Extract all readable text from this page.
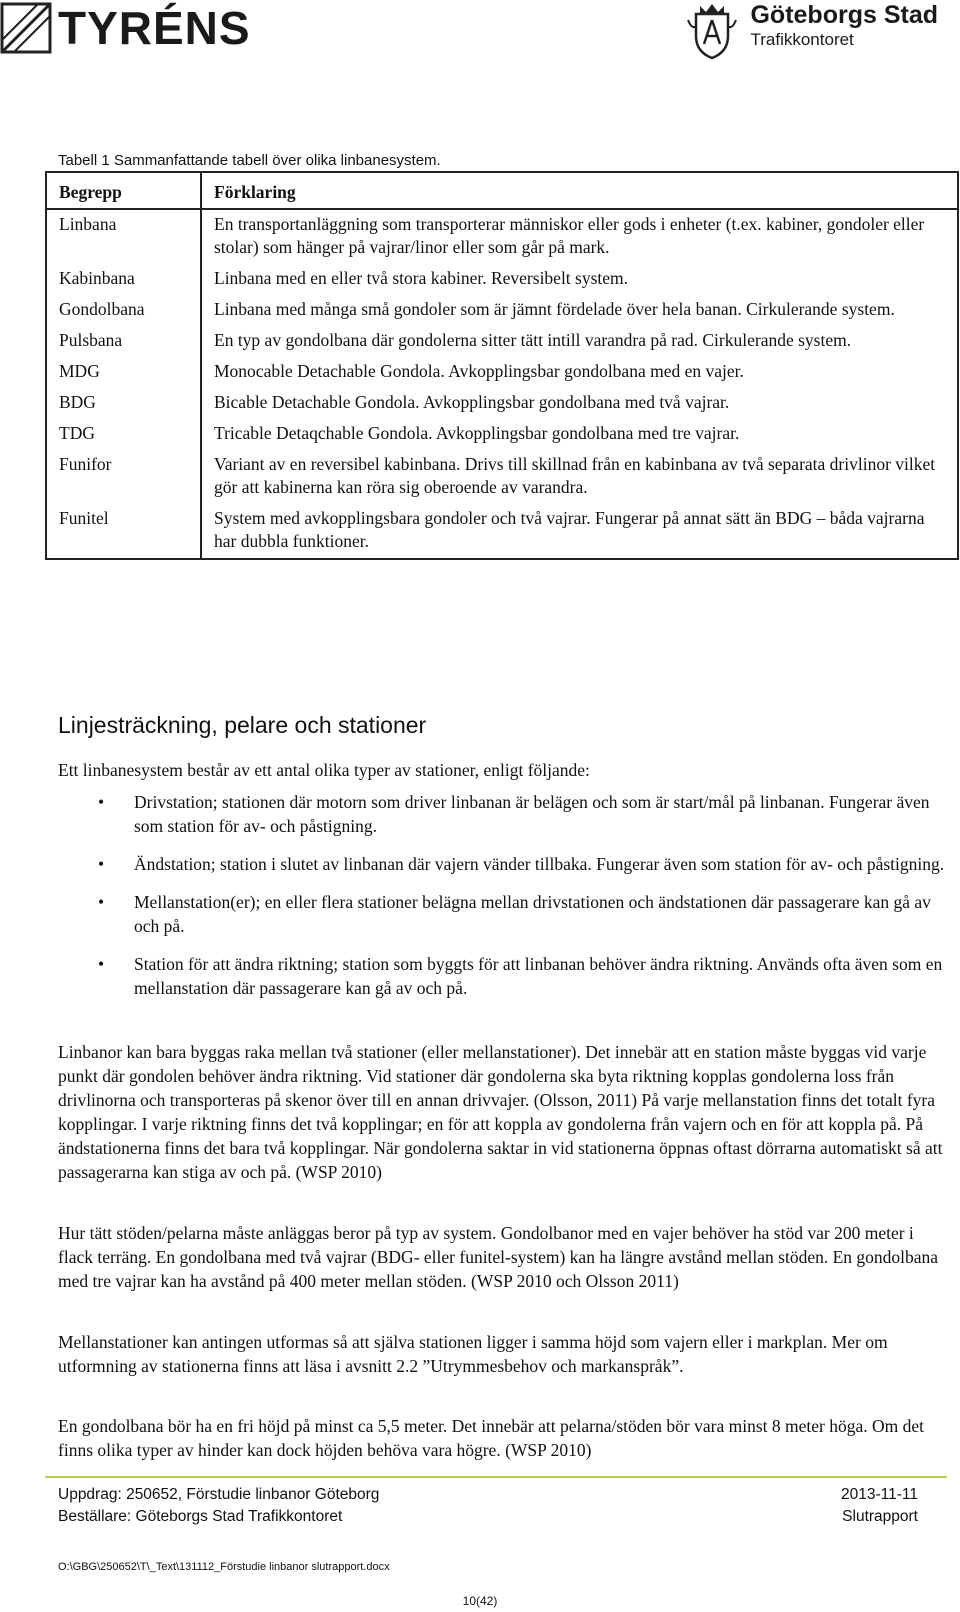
TYRÉNS	Göteborgs Stad
Trafikkontoret
Tabell 1 Sammanfattande tabell över olika linbanesystem.
Begrepp	Förklaring
Linbana	En transportanläggning som transporterar människor eller gods i enheter (t.ex. kabiner, gondoler eller stolar) som hänger på vajrar/linor eller som går på mark.
Kabinbana	Linbana med en eller två stora kabiner. Reversibelt system.
Gondolbana	Linbana med många små gondoler som är jämnt fördelade över hela banan. Cirkulerande system.
Pulsbana	En typ av gondolbana där gondolerna sitter tätt intill varandra på rad. Cirkulerande system.
MDG	Monocable Detachable Gondola. Avkopplingsbar gondolbana med en vajer.
BDG	Bicable Detachable Gondola. Avkopplingsbar gondolbana med två vajrar.
TDG	Tricable Detaqchable Gondola. Avkopplingsbar gondolbana med tre vajrar.
Funifor	Variant av en reversibel kabinbana. Drivs till skillnad från en kabinbana av två separata drivlinor vilket gör att kabinerna kan röra sig oberoende av varandra.
Funitel	System med avkopplingsbara gondoler och två vajrar. Fungerar på annat sätt än BDG – båda vajrarna har dubbla funktioner.
Linjesträckning, pelare och stationer
Ett linbanesystem består av ett antal olika typer av stationer, enligt följande:
• Drivstation; stationen där motorn som driver linbanan är belägen och som är start/mål på linbanan. Fungerar även som station för av- och påstigning.
• Ändstation; station i slutet av linbanan där vajern vänder tillbaka. Fungerar även som station för av- och påstigning.
• Mellanstation(er); en eller flera stationer belägna mellan drivstationen och ändstationen där passagerare kan gå av och på.
• Station för att ändra riktning; station som byggts för att linbanan behöver ändra riktning. Används ofta även som en mellanstation där passagerare kan gå av och på.

Linbanor kan bara byggas raka mellan två stationer (eller mellanstationer). Det innebär att en station måste byggas vid varje punkt där gondolen behöver ändra riktning. Vid stationer där gondolerna ska byta riktning kopplas gondolerna loss från drivlinorna och transporteras på skenor över till en annan drivvajer. (Olsson, 2011) På varje mellanstation finns det totalt fyra kopplingar. I varje riktning finns det två kopplingar; en för att koppla av gondolerna från vajern och en för att koppla på. På ändstationerna finns det bara två kopplingar. När gondolerna saktar in vid stationerna öppnas oftast dörrarna automatiskt så att passagerarna kan stiga av och på. (WSP 2010)

Hur tätt stöden/pelarna måste anläggas beror på typ av system. Gondolbanor med en vajer behöver ha stöd var 200 meter i flack terräng. En gondolbana med två vajrar (BDG- eller funitel-system) kan ha längre avstånd mellan stöden. En gondolbana med tre vajrar kan ha avstånd på 400 meter mellan stöden. (WSP 2010 och Olsson 2011)

Mellanstationer kan antingen utformas så att själva stationen ligger i samma höjd som vajern eller i markplan. Mer om utformning av stationerna finns att läsa i avsnitt 2.2 ”Utrymmesbehov och markanspråk”.

En gondolbana bör ha en fri höjd på minst ca 5,5 meter. Det innebär att pelarna/stöden bör vara minst 8 meter höga. Om det finns olika typer av hinder kan dock höjden behöva vara högre. (WSP 2010)

Uppdrag: 250652, Förstudie linbanor Göteborg
Beställare: Göteborgs Stad Trafikkontoret
2013-11-11
Slutrapport
O:\GBG\250652\T\_Text\131112_Förstudie linbanor slutrapport.docx
10(42)
